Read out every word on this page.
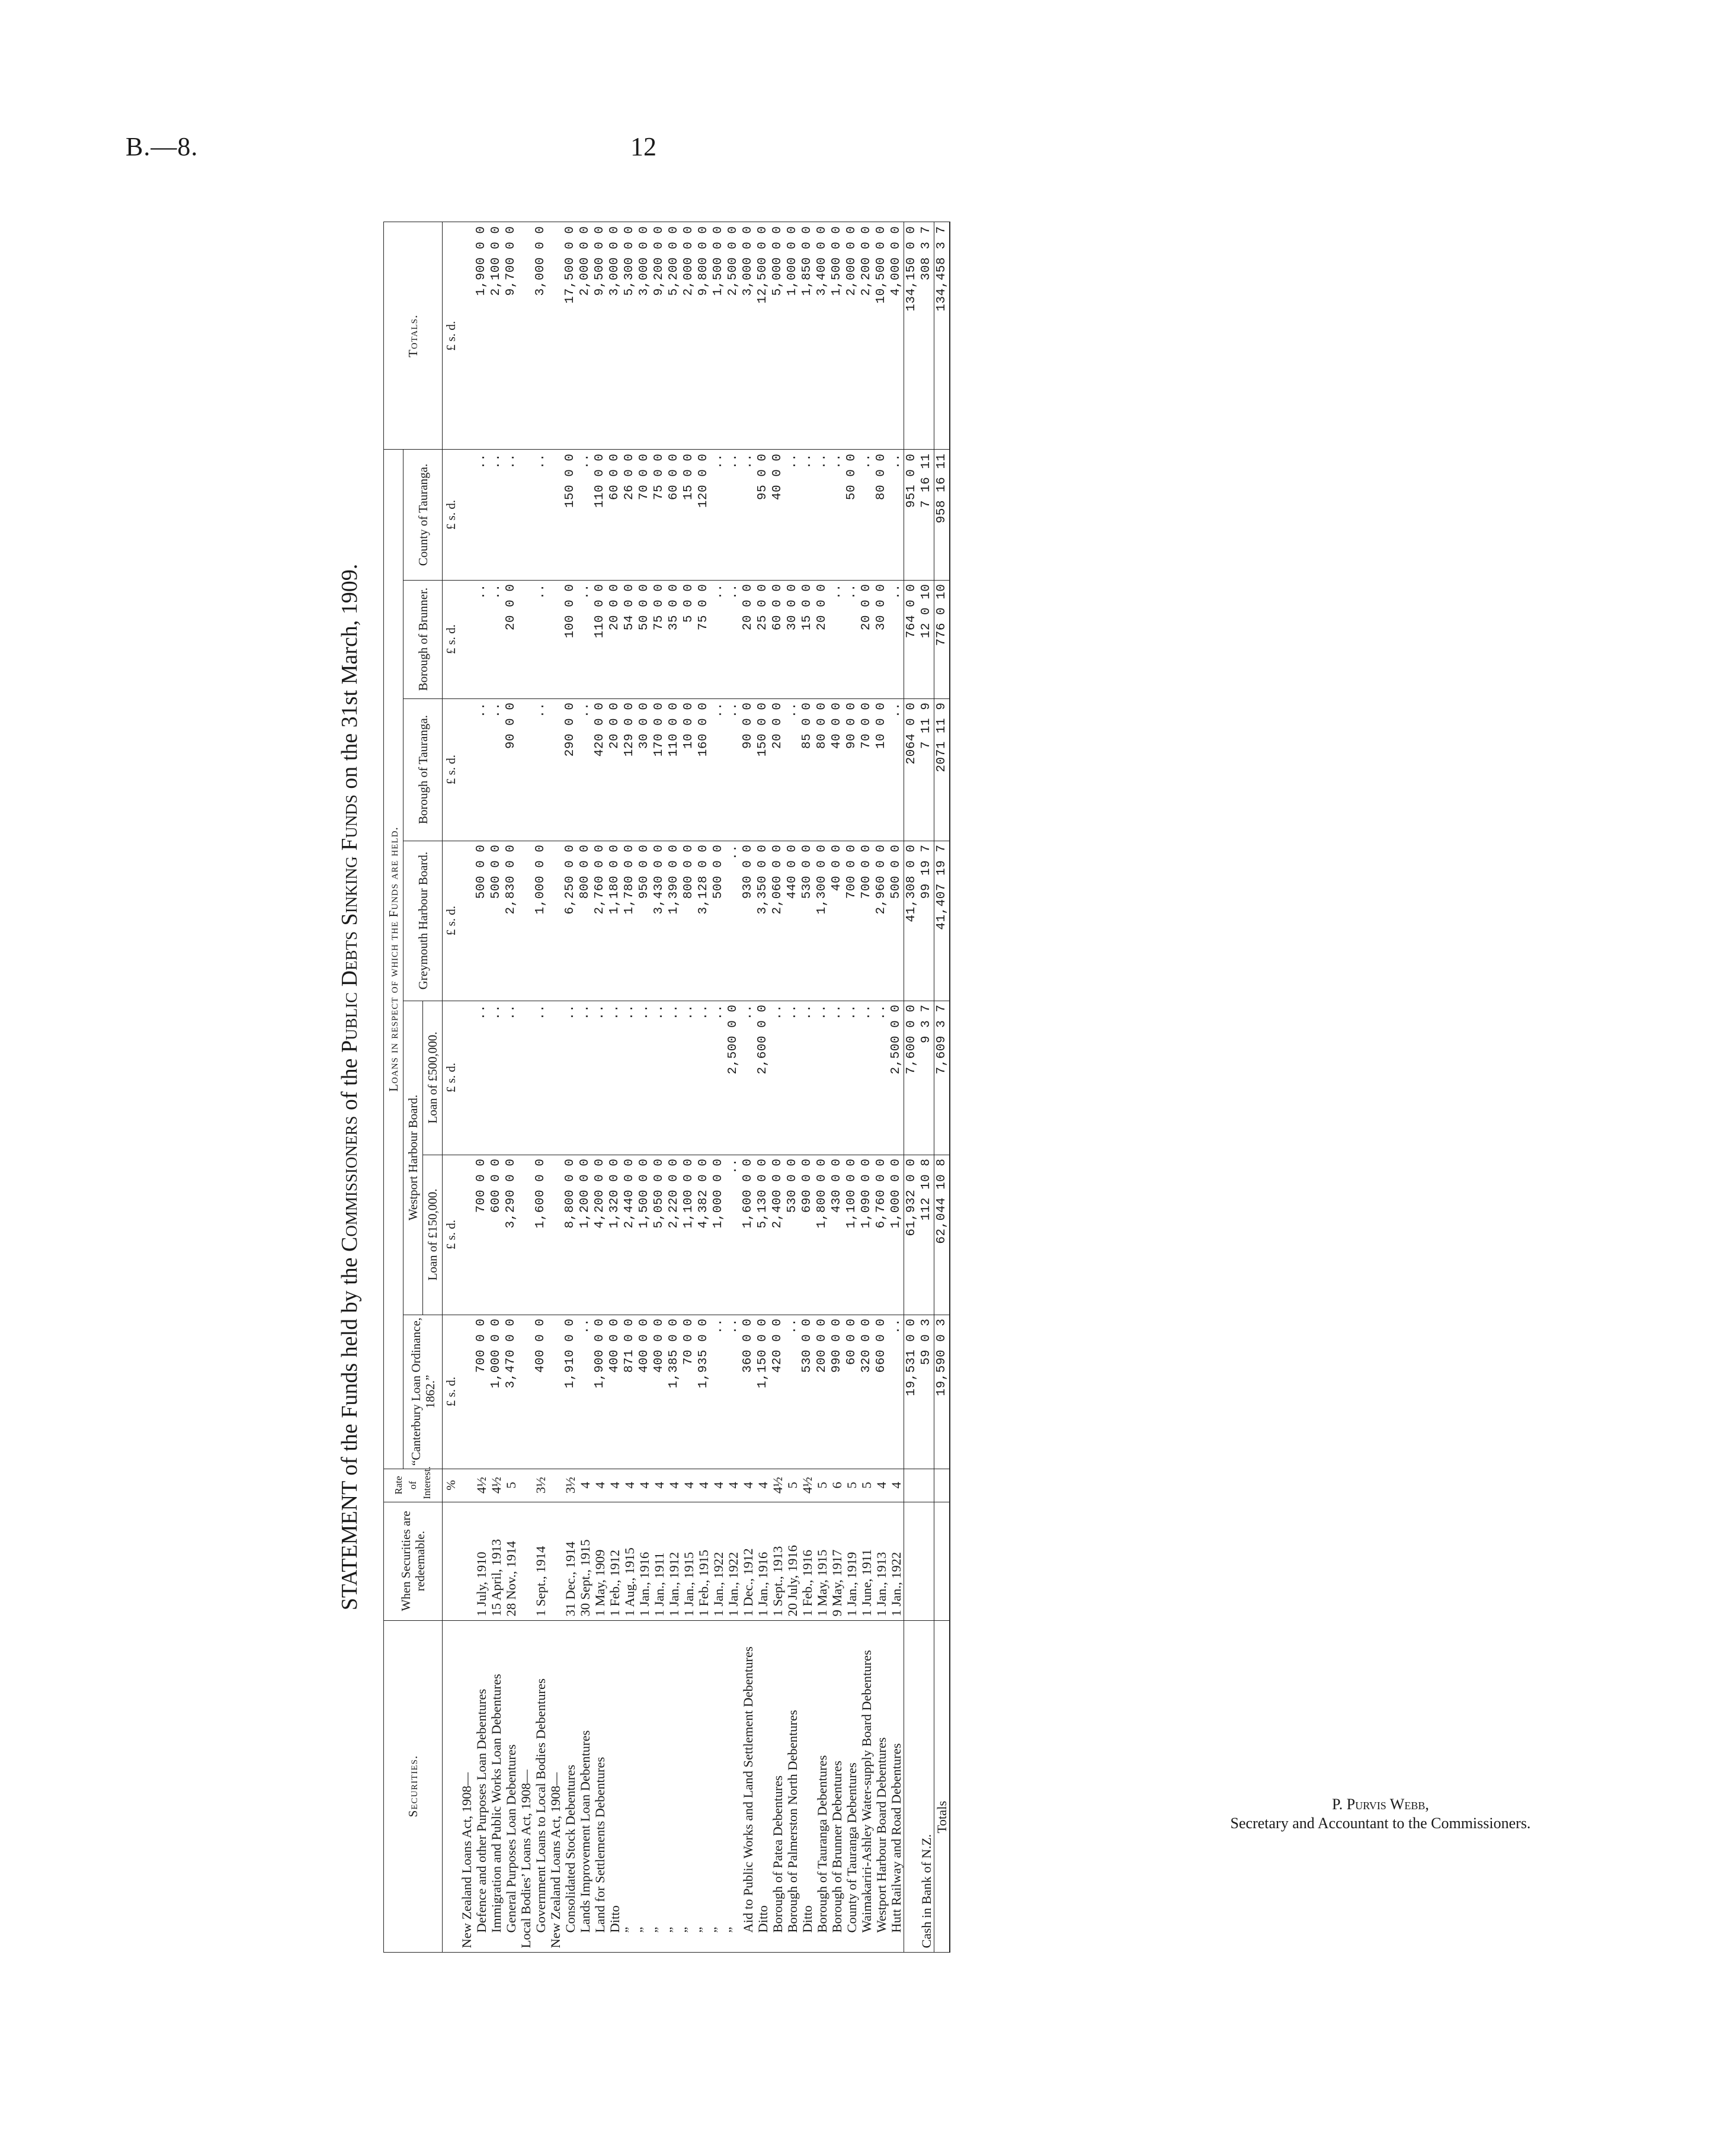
B.—8.	12
STATEMENT of the Funds held by the Commissioners of the Public Debts Sinking Funds on the 31st March, 1909.
Securities.	When Securities are redeemable.	Rate of Interest.	Loans in respect of which the Funds are held.							Totals.
			“Canterbury Loan Ordinance, 1862.”	Westport Harbour Board.		Greymouth Harbour Board.	Borough of Tauranga.	Borough of Brunner.	County of Tauranga.	
				Loan of £150,000.	Loan of £500,000.					
		%	£ s. d.	£ s. d.	£ s. d.	£ s. d.	£ s. d.	£ s. d.	£ s. d.	£ s. d.
New Zealand Loans Act, 1908—										
Defence and other Purposes Loan Debentures	1 July, 1910	4½	700 0 0	700 0 0	..	500 0 0	..	..	..	1,900 0 0
Immigration and Public Works Loan Debentures	15 April, 1913	4½	1,000 0 0	600 0 0	..	500 0 0	..	..	..	2,100 0 0
General Purposes Loan Debentures	28 Nov., 1914	5	3,470 0 0	3,290 0 0	..	2,830 0 0	90 0 0	20 0 0	..	9,700 0 0
Local Bodies’ Loans Act, 1908—										
Government Loans to Local Bodies Debentures	1 Sept., 1914	3½	400 0 0	1,600 0 0	..	1,000 0 0	..	..	..	3,000 0 0
New Zealand Loans Act, 1908—										
Consolidated Stock Debentures	31 Dec., 1914	3½	1,910 0 0	8,800 0 0	..	6,250 0 0	290 0 0	100 0 0	150 0 0	17,500 0 0
Lands Improvement Loan Debentures	30 Sept., 1915	4	..	1,200 0 0	..	800 0 0	..	..	..	2,000 0 0
Land for Settlements Debentures	1 May, 1909	4	1,900 0 0	4,200 0 0	..	2,760 0 0	420 0 0	110 0 0	110 0 0	9,500 0 0
Ditto	1 Feb., 1912	4	400 0 0	1,320 0 0	..	1,180 0 0	20 0 0	20 0 0	60 0 0	3,000 0 0
”	1 Aug., 1915	4	871 0 0	2,440 0 0	..	1,780 0 0	129 0 0	54 0 0	26 0 0	5,300 0 0
”	1 Jan., 1916	4	400 0 0	1,500 0 0	..	950 0 0	30 0 0	50 0 0	70 0 0	3,000 0 0
”	1 Jan., 1911	4	400 0 0	5,050 0 0	..	3,430 0 0	170 0 0	75 0 0	75 0 0	9,200 0 0
”	1 Jan., 1912	4	1,385 0 0	2,220 0 0	..	1,390 0 0	110 0 0	35 0 0	60 0 0	5,200 0 0
”	1 Jan., 1915	4	70 0 0	1,100 0 0	..	800 0 0	10 0 0	5 0 0	15 0 0	2,000 0 0
”	1 Feb., 1915	4	1,935 0 0	4,382 0 0	..	3,128 0 0	160 0 0	75 0 0	120 0 0	9,800 0 0
”	1 Jan., 1922	4	..	1,000 0 0	..	500 0 0	..	..	..	1,500 0 0
”	1 Jan., 1922	4	..	..	2,500 0 0	..	..	..	..	2,500 0 0
Aid to Public Works and Land Settlement Debentures	1 Dec., 1912	4	360 0 0	1,600 0 0	..	930 0 0	90 0 0	20 0 0	..	3,000 0 0
Ditto	1 Jan., 1916	4	1,150 0 0	5,130 0 0	2,600 0 0	3,350 0 0	150 0 0	25 0 0	95 0 0	12,500 0 0
Borough of Patea Debentures	1 Sept., 1913	4½	420 0 0	2,400 0 0	..	2,060 0 0	20 0 0	60 0 0	40 0 0	5,000 0 0
Borough of Palmerston North Debentures	20 July, 1916	5	..	530 0 0	..	440 0 0	..	30 0 0	..	1,000 0 0
Ditto	1 Feb., 1916	4½	530 0 0	690 0 0	..	530 0 0	85 0 0	15 0 0	..	1,850 0 0
Borough of Tauranga Debentures	1 May, 1915	5	200 0 0	1,800 0 0	..	1,300 0 0	80 0 0	20 0 0	..	3,400 0 0
Borough of Brunner Debentures	9 May, 1917	6	990 0 0	430 0 0	..	40 0 0	40 0 0	..	..	1,500 0 0
County of Tauranga Debentures	1 Jan., 1919	5	60 0 0	1,100 0 0	..	700 0 0	90 0 0	..	50 0 0	2,000 0 0
Waimakariri-Ashley Water-supply Board Debentures	1 June, 1911	5	320 0 0	1,090 0 0	..	700 0 0	70 0 0	20 0 0	..	2,200 0 0
Westport Harbour Board Debentures	1 Jan., 1913	4	660 0 0	6,760 0 0	..	2,960 0 0	10 0 0	30 0 0	80 0 0	10,500 0 0
Hutt Railway and Road Debentures	1 Jan., 1922	4	..	1,000 0 0	2,500 0 0	500 0 0	..	..	..	4,000 0 0
			19,531 0 0	61,932 0 0	7,600 0 0	41,308 0 0	2064 0 0	764 0 0	951 0 0	134,150 0 0
Cash in Bank of N.Z.			59 0 3	112 10 8	9 3 7	99 19 7	7 11 9	12 0 10	7 16 11	308 3 7
Totals			19,590 0 3	62,044 10 8	7,609 3 7	41,407 19 7	2071 11 9	776 0 10	958 16 11	134,458 3 7
P. Purvis Webb,
Secretary and Accountant to the Commissioners.
